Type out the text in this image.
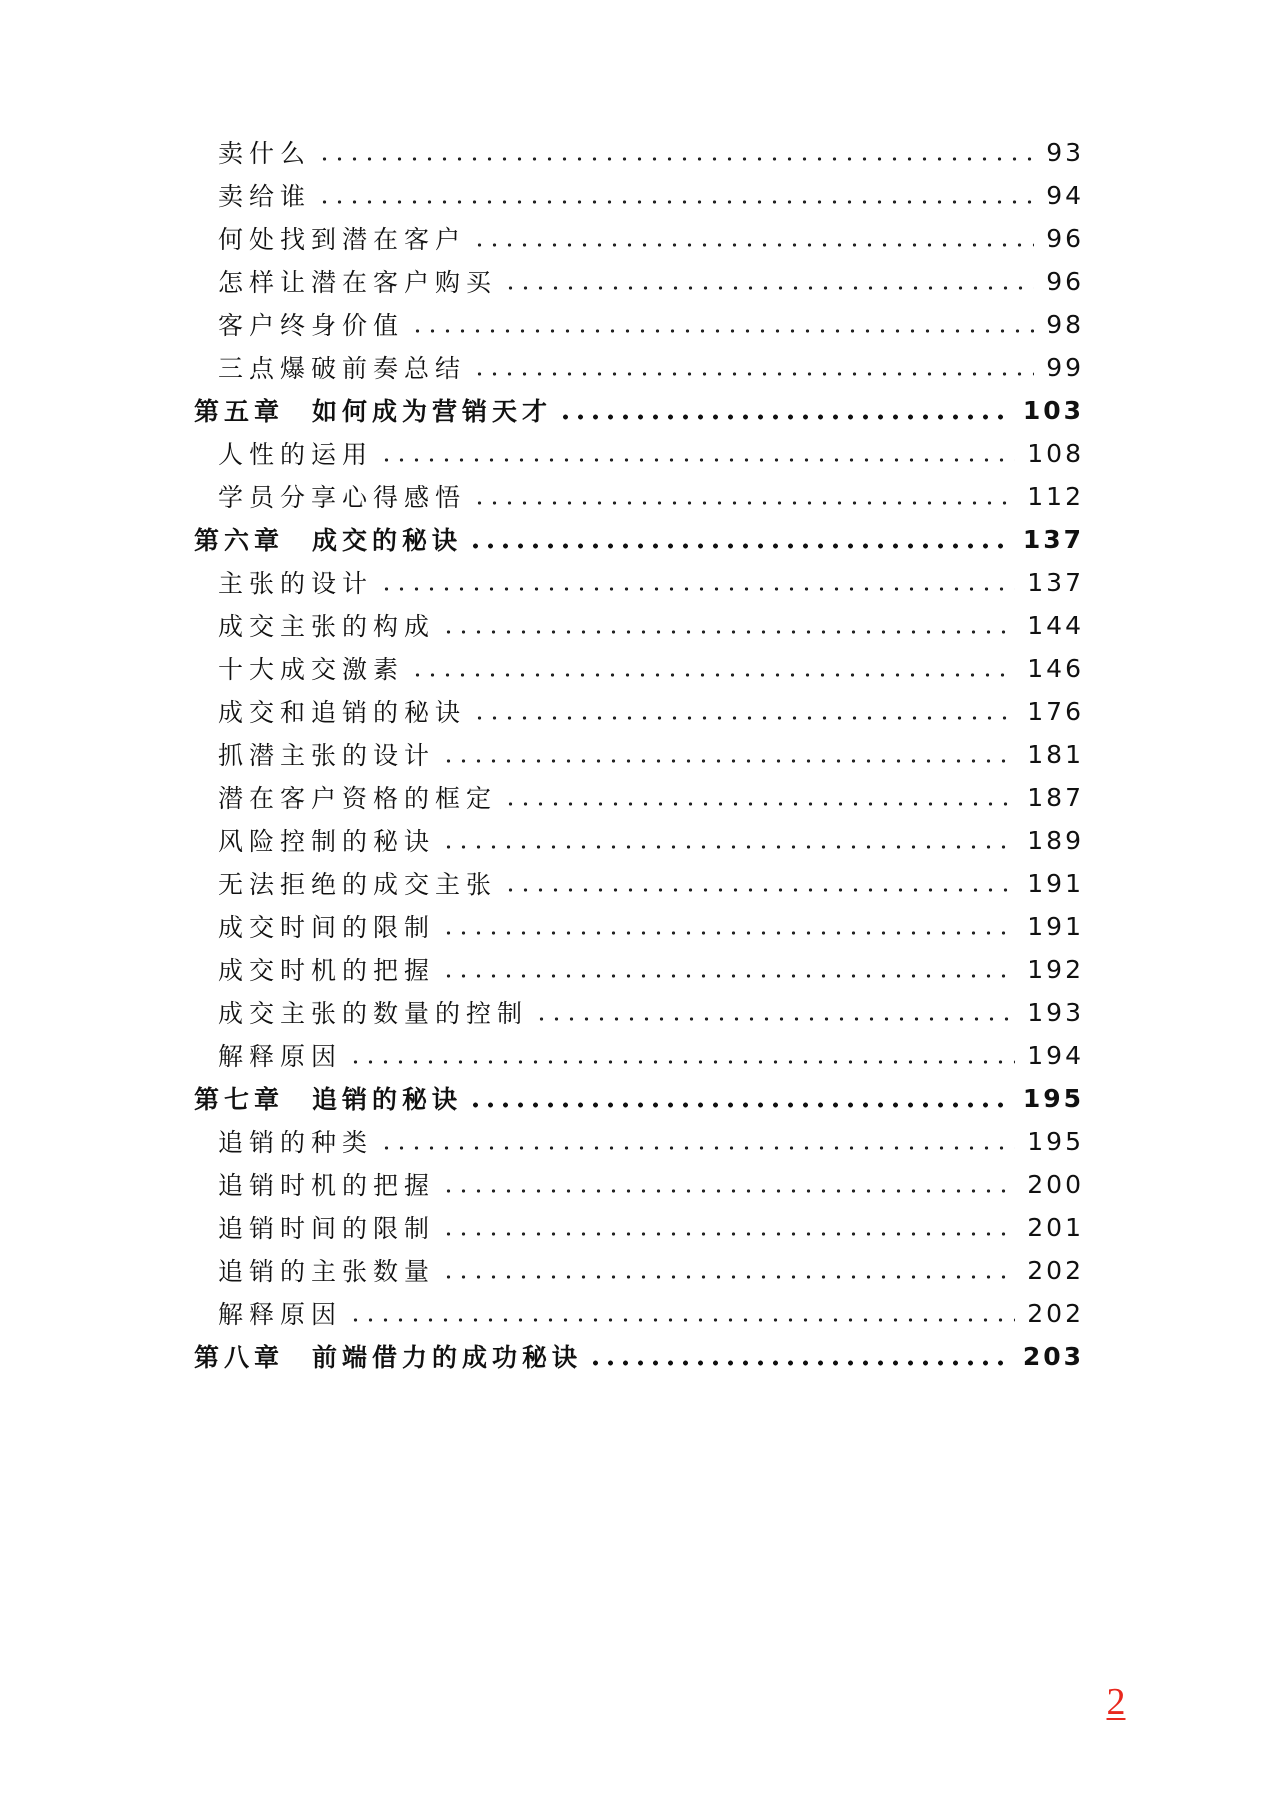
卖什么	93
卖给谁	94
何处找到潜在客户	96
怎样让潜在客户购买	96
客户终身价值	98
三点爆破前奏总结	99
第五章 如何成为营销天才	103
人性的运用	108
学员分享心得感悟	112
第六章 成交的秘诀	137
主张的设计	137
成交主张的构成	144
十大成交激素	146
成交和追销的秘诀	176
抓潜主张的设计	181
潜在客户资格的框定	187
风险控制的秘诀	189
无法拒绝的成交主张	191
成交时间的限制	191
成交时机的把握	192
成交主张的数量的控制	193
解释原因	194
第七章 追销的秘诀	195
追销的种类	195
追销时机的把握	200
追销时间的限制	201
追销的主张数量	202
解释原因	202
第八章 前端借力的成功秘诀	203
2
